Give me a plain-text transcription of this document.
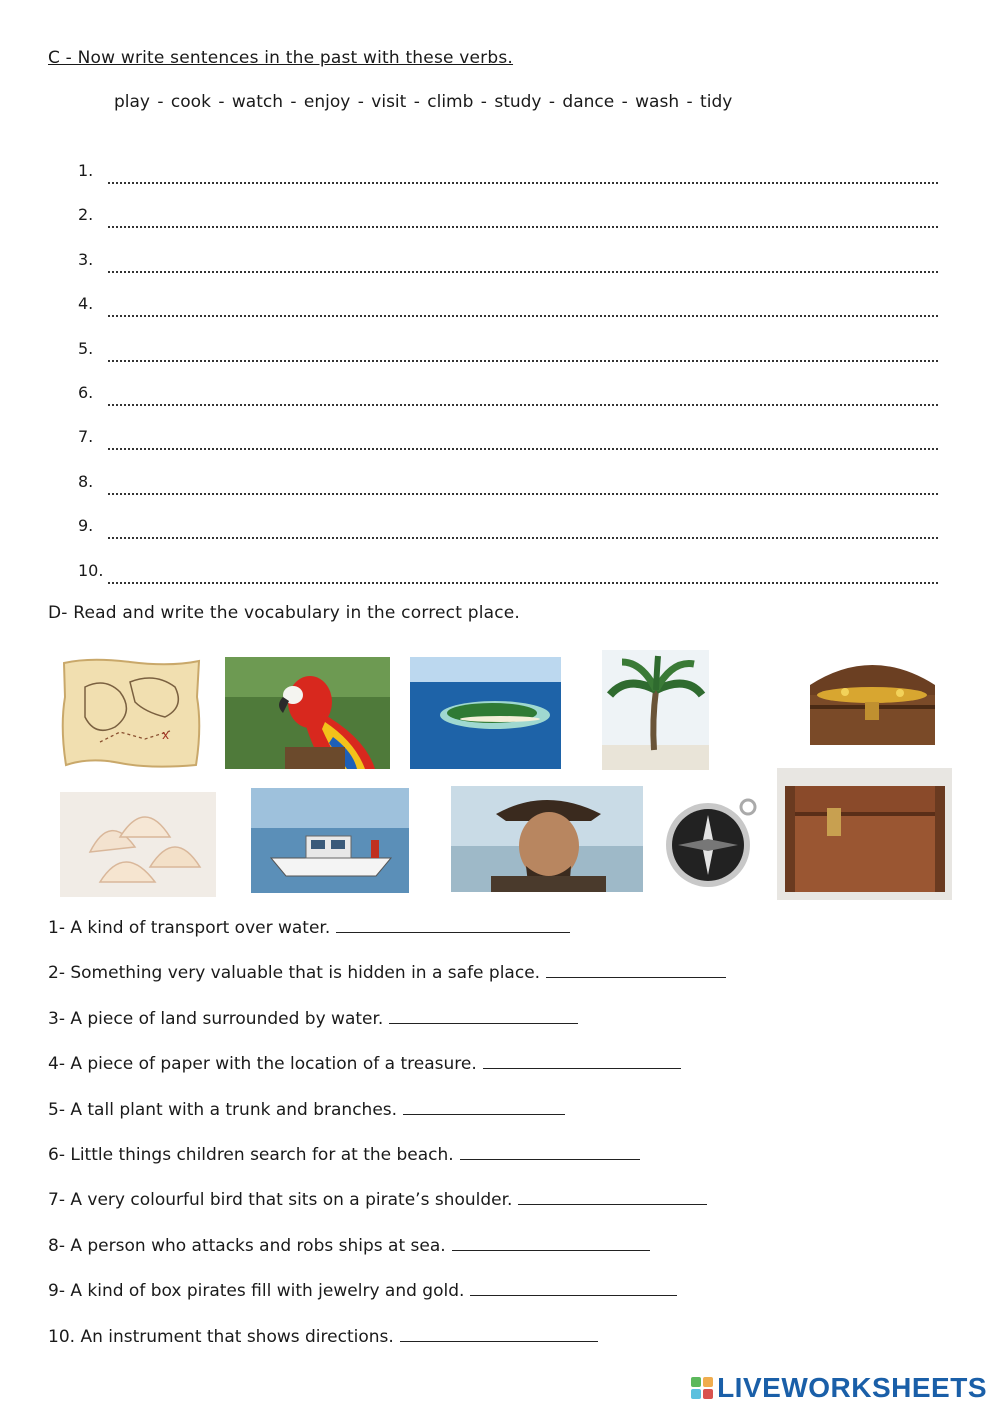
C - Now write sentences in the past with these verbs.
play - cook - watch - enjoy - visit - climb - study - dance - wash - tidy
1.
2.
3.
4.
5.
6.
7.
8.
9.
10.
D- Read and write the vocabulary in the correct place.
x
1- A kind of transport over water.
2- Something very valuable that is hidden in a safe place.
3- A piece of land surrounded by water.
4- A piece of paper with the location of a treasure.
5- A tall plant with a trunk and branches.
6- Little things children search for at the beach.
7- A very colourful bird that sits on a pirate’s shoulder.
8- A person who attacks and robs ships at sea.
9- A kind of box pirates fill with jewelry and gold.
10. An instrument that shows directions.
LIVEWORKSHEETS
